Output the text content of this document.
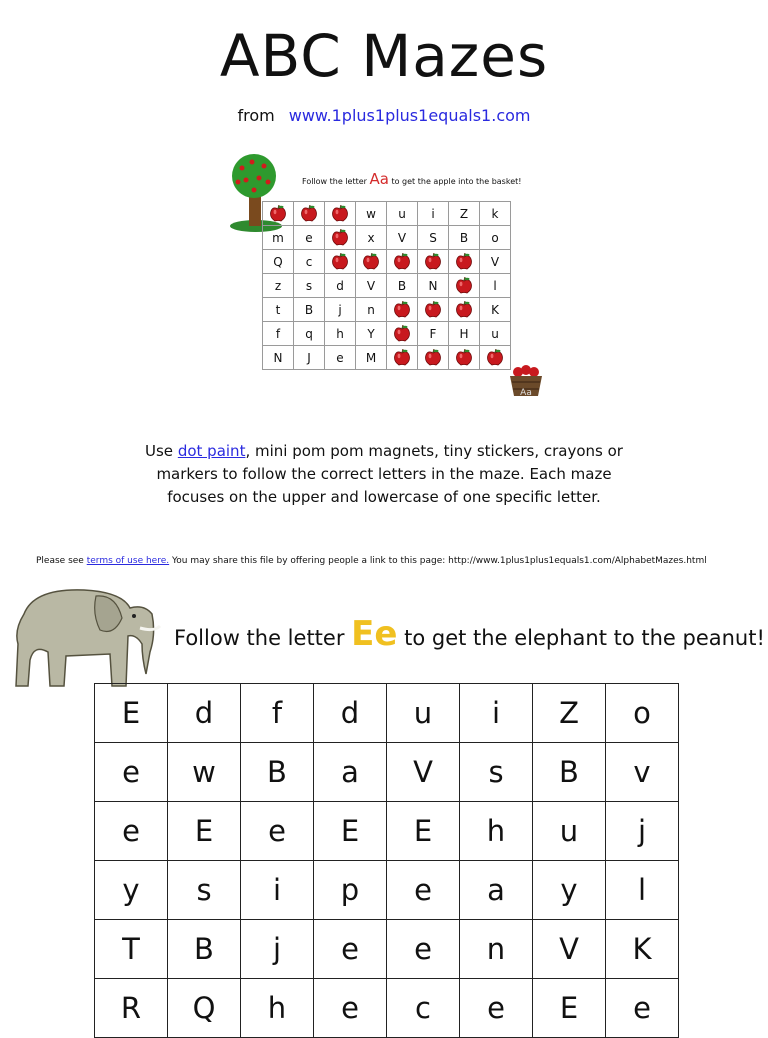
ABC Mazes
from www.1plus1plus1equals1.com
Follow the letter Aa to get the apple into the basket!
			w	u	i	Z	k
m	e		x	V	S	B	o
Q	c						V
z	s	d	V	B	N		l
t	B	j	n				K
f	q	h	Y		F	H	u
N	J	e	M				
Aa
Use dot paint, mini pom pom magnets, tiny stickers, crayons or markers to follow the correct letters in the maze. Each maze focuses on the upper and lowercase of one specific letter.
Please see terms of use here. You may share this file by offering people a link to this page: http://www.1plus1plus1equals1.com/AlphabetMazes.html
Follow the letter Ee to get the elephant to the peanut!
E	d	f	d	u	i	Z	o
e	w	B	a	V	s	B	v
e	E	e	E	E	h	u	j
y	s	i	p	e	a	y	l
T	B	j	e	e	n	V	K
R	Q	h	e	c	e	E	e
